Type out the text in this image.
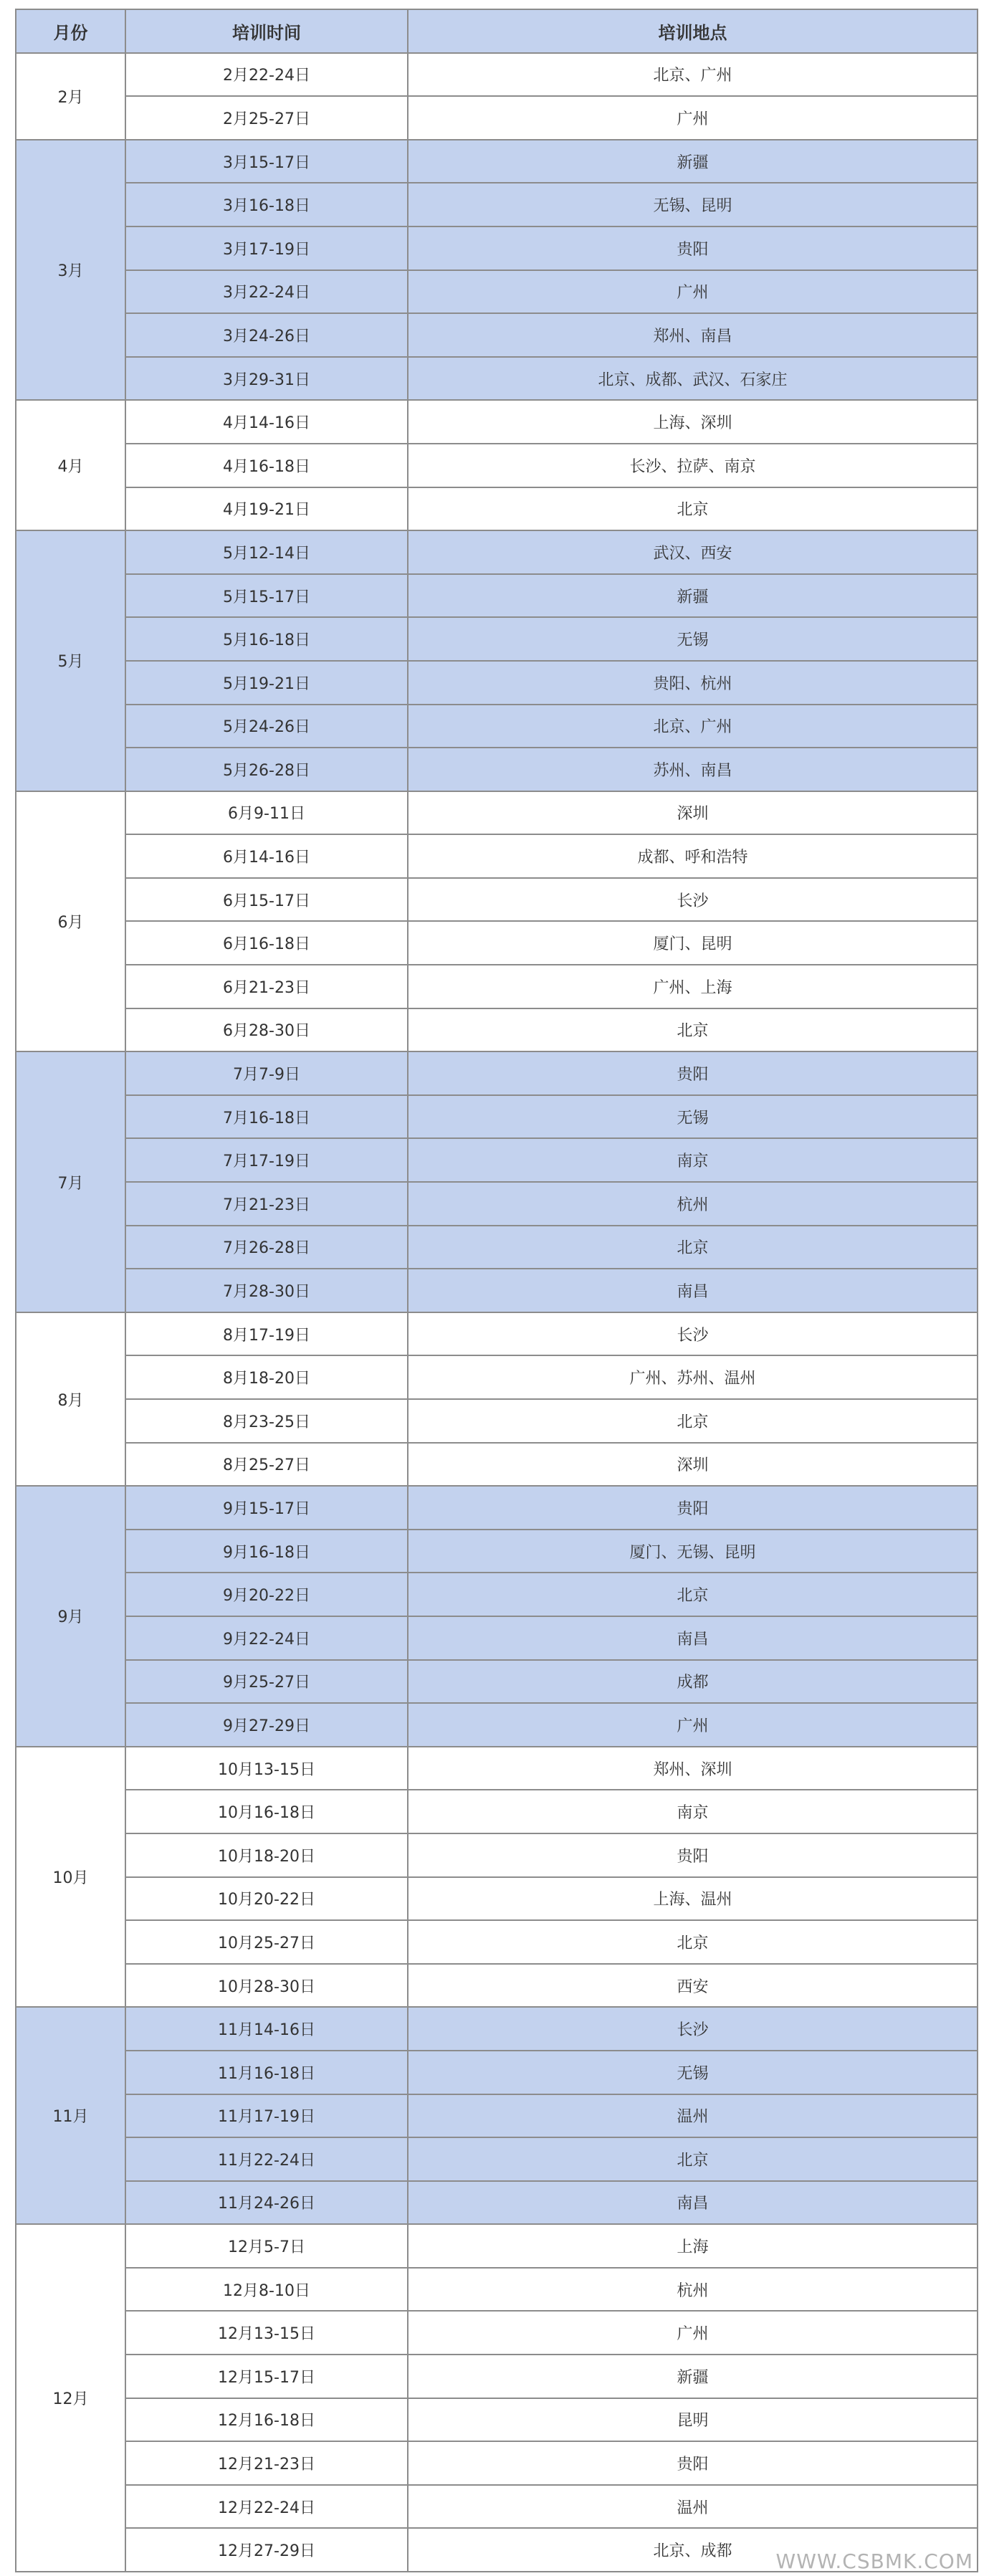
月份	培训时间	培训地点
2月	2月22-24日	北京、广州
	2月25-27日	广州
3月	3月15-17日	新疆
	3月16-18日	无锡、昆明
	3月17-19日	贵阳
	3月22-24日	广州
	3月24-26日	郑州、南昌
	3月29-31日	北京、成都、武汉、石家庄
4月	4月14-16日	上海、深圳
	4月16-18日	长沙、拉萨、南京
	4月19-21日	北京
5月	5月12-14日	武汉、西安
	5月15-17日	新疆
	5月16-18日	无锡
	5月19-21日	贵阳、杭州
	5月24-26日	北京、广州
	5月26-28日	苏州、南昌
6月	6月9-11日	深圳
	6月14-16日	成都、呼和浩特
	6月15-17日	长沙
	6月16-18日	厦门、昆明
	6月21-23日	广州、上海
	6月28-30日	北京
7月	7月7-9日	贵阳
	7月16-18日	无锡
	7月17-19日	南京
	7月21-23日	杭州
	7月26-28日	北京
	7月28-30日	南昌
8月	8月17-19日	长沙
	8月18-20日	广州、苏州、温州
	8月23-25日	北京
	8月25-27日	深圳
9月	9月15-17日	贵阳
	9月16-18日	厦门、无锡、昆明
	9月20-22日	北京
	9月22-24日	南昌
	9月25-27日	成都
	9月27-29日	广州
10月	10月13-15日	郑州、深圳
	10月16-18日	南京
	10月18-20日	贵阳
	10月20-22日	上海、温州
	10月25-27日	北京
	10月28-30日	西安
11月	11月14-16日	长沙
	11月16-18日	无锡
	11月17-19日	温州
	11月22-24日	北京
	11月24-26日	南昌
12月	12月5-7日	上海
	12月8-10日	杭州
	12月13-15日	广州
	12月15-17日	新疆
	12月16-18日	昆明
	12月21-23日	贵阳
	12月22-24日	温州
	12月27-29日	北京、成都 WWW.CSBMK.COM
